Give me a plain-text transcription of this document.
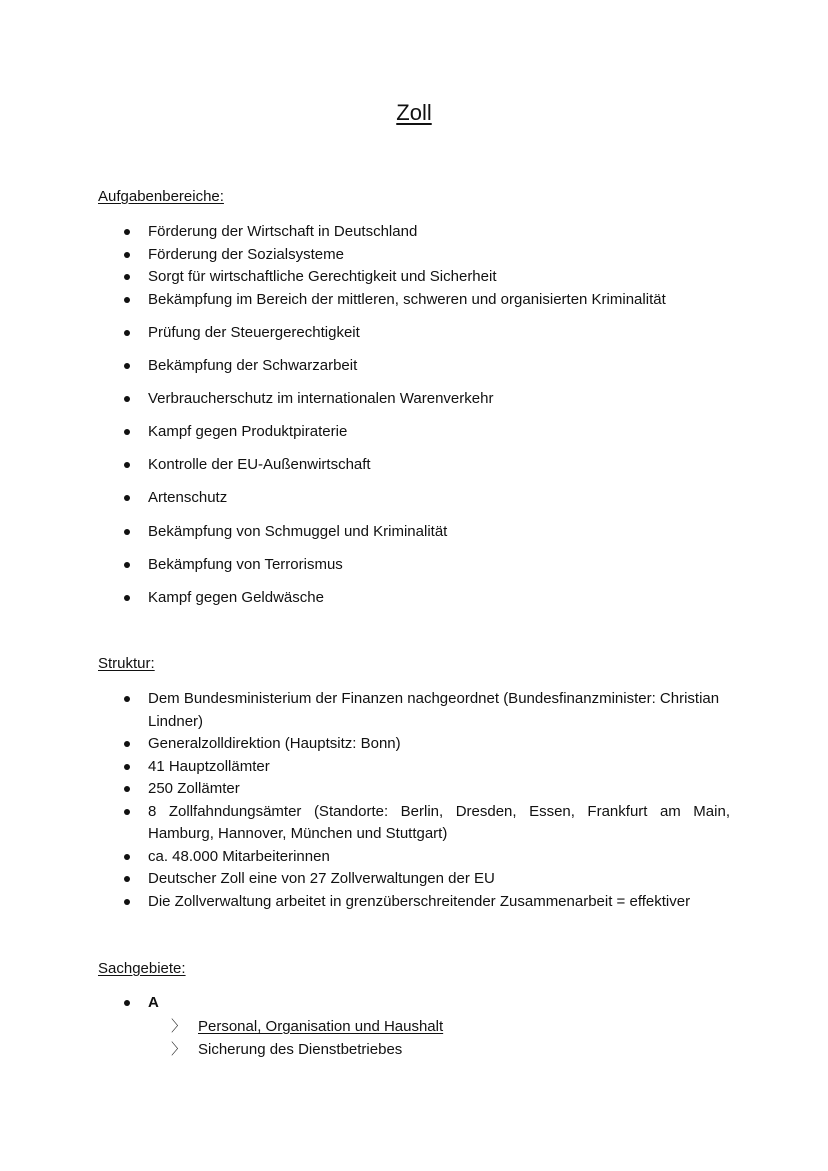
Zoll
Aufgabenbereiche:
Förderung der Wirtschaft in Deutschland
Förderung der Sozialsysteme
Sorgt für wirtschaftliche Gerechtigkeit und Sicherheit
Bekämpfung im Bereich der mittleren, schweren und organisierten Kriminalität
Prüfung der Steuergerechtigkeit
Bekämpfung der Schwarzarbeit
Verbraucherschutz im internationalen Warenverkehr
Kampf gegen Produktpiraterie
Kontrolle der EU-Außenwirtschaft
Artenschutz
Bekämpfung von Schmuggel und Kriminalität
Bekämpfung von Terrorismus
Kampf gegen Geldwäsche
Struktur:
Dem Bundesministerium der Finanzen nachgeordnet (Bundesfinanzminister: Christian Lindner)
Generalzolldirektion (Hauptsitz: Bonn)
41 Hauptzollämter
250 Zollämter
8 Zollfahndungsämter (Standorte: Berlin, Dresden, Essen, Frankfurt am Main, Hamburg, Hannover, München und Stuttgart)
ca. 48.000 Mitarbeiterinnen
Deutscher Zoll eine von 27 Zollverwaltungen der EU
Die Zollverwaltung arbeitet in grenzüberschreitender Zusammenarbeit = effektiver
Sachgebiete:
A
〉 Personal, Organisation und Haushalt
〉 Sicherung des Dienstbetriebes
